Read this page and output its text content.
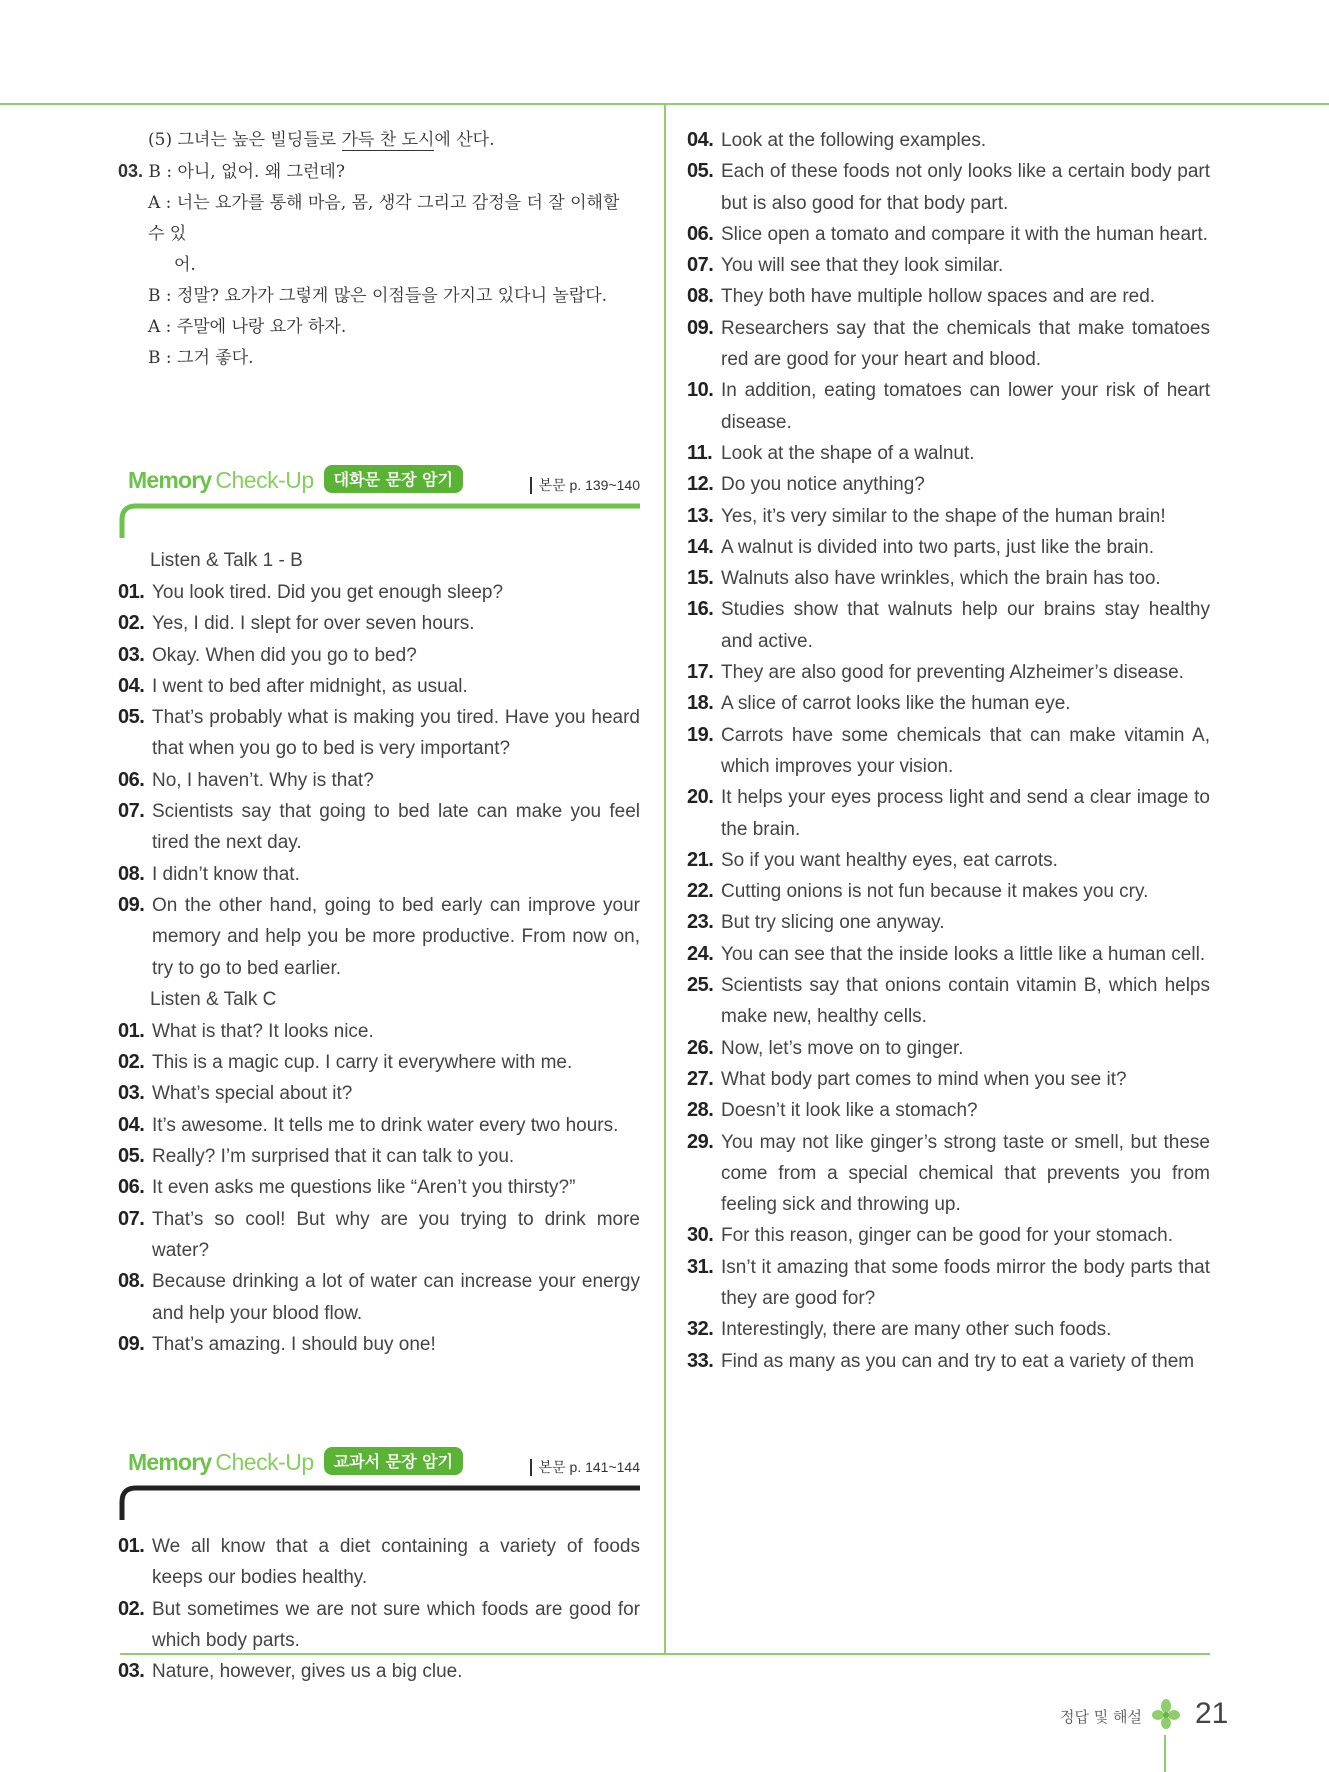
(5) 그녀는 높은 빌딩들로 가득 찬 도시에 산다.
03. B : 아니, 없어. 왜 그런데?
A : 너는 요가를 통해 마음, 몸, 생각 그리고 감정을 더 잘 이해할 수 있
어.
B : 정말? 요가가 그렇게 많은 이점들을 가지고 있다니 놀랍다.
A : 주말에 나랑 요가 하자.
B : 그거 좋다.
Memory Check-Up 대화문 문장 암기	본문 p. 139~140
Listen & Talk 1 - B
01. You look tired. Did you get enough sleep?
02. Yes, I did. I slept for over seven hours.
03. Okay. When did you go to bed?
04. I went to bed after midnight, as usual.
05. That’s probably what is making you tired. Have you heard that when you go to bed is very important?
06. No, I haven’t. Why is that?
07. Scientists say that going to bed late can make you feel tired the next day.
08. I didn’t know that.
09. On the other hand, going to bed early can improve your memory and help you be more productive. From now on, try to go to bed earlier.
Listen & Talk C
01. What is that? It looks nice.
02. This is a magic cup. I carry it everywhere with me.
03. What’s special about it?
04. It’s awesome. It tells me to drink water every two hours.
05. Really? I’m surprised that it can talk to you.
06. It even asks me questions like “Aren’t you thirsty?”
07. That’s so cool! But why are you trying to drink more water?
08. Because drinking a lot of water can increase your energy and help your blood flow.
09. That’s amazing. I should buy one!
Memory Check-Up 교과서 문장 암기	본문 p. 141~144
01. We all know that a diet containing a variety of foods keeps our bodies healthy.
02. But sometimes we are not sure which foods are good for which body parts.
03. Nature, however, gives us a big clue.
04. Look at the following examples.
05. Each of these foods not only looks like a certain body part but is also good for that body part.
06. Slice open a tomato and compare it with the human heart.
07. You will see that they look similar.
08. They both have multiple hollow spaces and are red.
09. Researchers say that the chemicals that make tomatoes red are good for your heart and blood.
10. In addition, eating tomatoes can lower your risk of heart disease.
11. Look at the shape of a walnut.
12. Do you notice anything?
13. Yes, it’s very similar to the shape of the human brain!
14. A walnut is divided into two parts, just like the brain.
15. Walnuts also have wrinkles, which the brain has too.
16. Studies show that walnuts help our brains stay healthy and active.
17. They are also good for preventing Alzheimer’s disease.
18. A slice of carrot looks like the human eye.
19. Carrots have some chemicals that can make vitamin A, which improves your vision.
20. It helps your eyes process light and send a clear image to the brain.
21. So if you want healthy eyes, eat carrots.
22. Cutting onions is not fun because it makes you cry.
23. But try slicing one anyway.
24. You can see that the inside looks a little like a human cell.
25. Scientists say that onions contain vitamin B, which helps make new, healthy cells.
26. Now, let’s move on to ginger.
27. What body part comes to mind when you see it?
28. Doesn’t it look like a stomach?
29. You may not like ginger’s strong taste or smell, but these come from a special chemical that prevents you from feeling sick and throwing up.
30. For this reason, ginger can be good for your stomach.
31. Isn’t it amazing that some foods mirror the body parts that they are good for?
32. Interestingly, there are many other such foods.
33. Find as many as you can and try to eat a variety of them
정답 및 해설 21
